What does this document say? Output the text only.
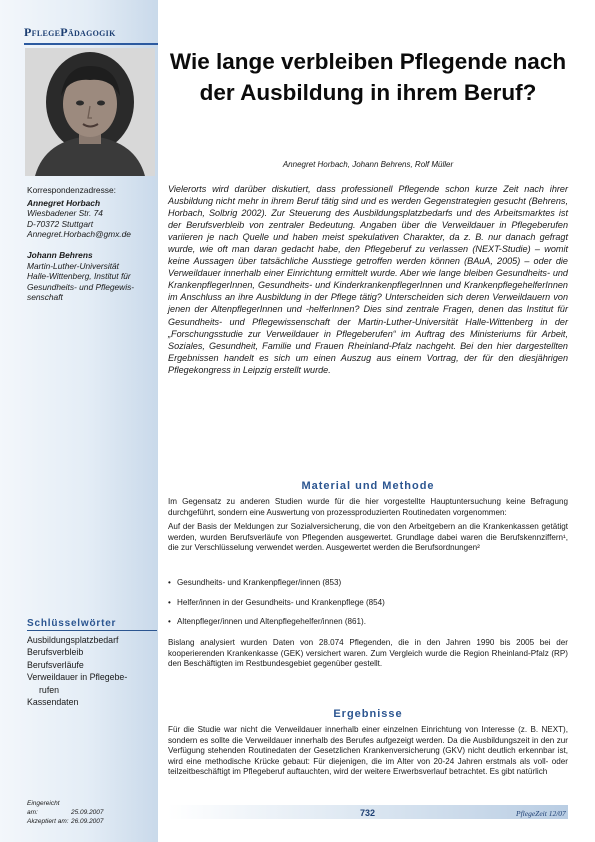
PflegePädagogik
Korrespondenzadresse:
Annegret Horbach
Wiesbadener Str. 74
D-70372 Stuttgart
Annegret.Horbach@gmx.de
Johann Behrens
Martin-Luther-Universität
Halle-Wittenberg, Institut für
Gesundheits- und Pflegewis-
senschaft
Schlüsselwörter
Ausbildungsplatzbedarf
Berufsverbleib
Berufsverläufe
Verweildauer in Pflegebe-
rufen
Kassendaten
Eingereicht am:	25.09.2007
Akzeptiert am: 26.09.2007
Wie lange verbleiben Pflegende nach der Ausbildung in ihrem Beruf?
Annegret Horbach, Johann Behrens, Rolf Müller
Vielerorts wird darüber diskutiert, dass professionell Pflegende schon kurze Zeit nach ihrer Ausbildung nicht mehr in ihrem Beruf tätig sind und es werden Gegenstrategien gesucht (Behrens, Horbach, Solbrig 2002). Zur Steuerung des Ausbildungsplatzbedarfs und des Arbeitsmarktes ist der Berufsverbleib von zentraler Bedeutung. Angaben über die Verweildauer in Pflegeberufen variieren je nach Quelle und haben meist spekulativen Charakter, da z. B. nur danach gefragt wurde, wie oft man daran gedacht habe, den Pflegeberuf zu verlassen (NEXT-Studie) – womit keine Aussagen über tatsächliche Ausstiege getroffen werden können (BAuA, 2005) – oder die Verweildauer innerhalb einer Einrichtung ermittelt wurde. Aber wie lange bleiben Gesundheits- und KrankenpflegerInnen, Gesundheits- und KinderkrankenpflegerInnen und KrankenpflegehelferInnen im Anschluss an ihre Ausbildung in der Pflege tätig? Unterscheiden sich deren Verweildauern von jenen der AltenpflegerInnen und -helferInnen? Dies sind zentrale Fragen, denen das Institut für Gesundheits- und Pflegewissenschaft der Martin-Luther-Universität Halle-Wittenberg in der „Forschungsstudie zur Verweildauer in Pflegeberufen“ im Auftrag des Ministeriums für Arbeit, Soziales, Gesundheit, Familie und Frauen Rheinland-Pfalz nachgeht. Bei den hier dargestellten Ergebnissen handelt es sich um einen Auszug aus einem Vortrag, der für den diesjährigen Pflegekongress in Leipzig erstellt wurde.
Material und Methode

Im Gegensatz zu anderen Studien wurde für die hier vorgestellte Hauptuntersuchung keine Befragung durchgeführt, sondern eine Auswertung von prozessproduzierten Routinedaten vorgenommen:

Auf der Basis der Meldungen zur Sozialversicherung, die von den Arbeitgebern an die Krankenkassen getätigt werden, wurden Berufsverläufe von Pflegenden ausgewertet. Grundlage dabei waren die Berufskennziffern¹, die zur Verschlüsselung verwendet werden. Ausgewertet werden die Berufsordnungen²

• Gesundheits- und Krankenpfleger/innen (853)
• Helfer/innen in der Gesundheits- und Krankenpflege (854)
• Altenpfleger/innen und Altenpflegehelfer/innen (861).

Bislang analysiert wurden Daten von 28.074 Pflegenden, die in den Jahren 1990 bis 2005 bei der kooperierenden Krankenkasse (GEK) versichert waren. Zum Vergleich wurde die Region Rheinland-Pfalz (RP) den Beschäftigten im Restbundesgebiet gegenüber gestellt.

Ergebnisse

Für die Studie war nicht die Verweildauer innerhalb einer einzelnen Einrichtung von Interesse (z. B. NEXT), sondern es sollte die Verweildauer innerhalb des Berufes aufgezeigt werden. Da die Ausbildungszeit in den zur Verfügung stehenden Routinedaten der Gesetzlichen Krankenversicherung (GKV) nicht deutlich erkennbar ist, wird eine methodische Krücke gebaut: Für diejenigen, die im Alter von 20-24 Jahren erstmals als voll- oder teilzeitbeschäftigt im Pflegeberuf auftauchten, wird der weitere Erwerbsverlauf betrachtet. Es gibt natürlich

732	PflegeZeit 12/07
